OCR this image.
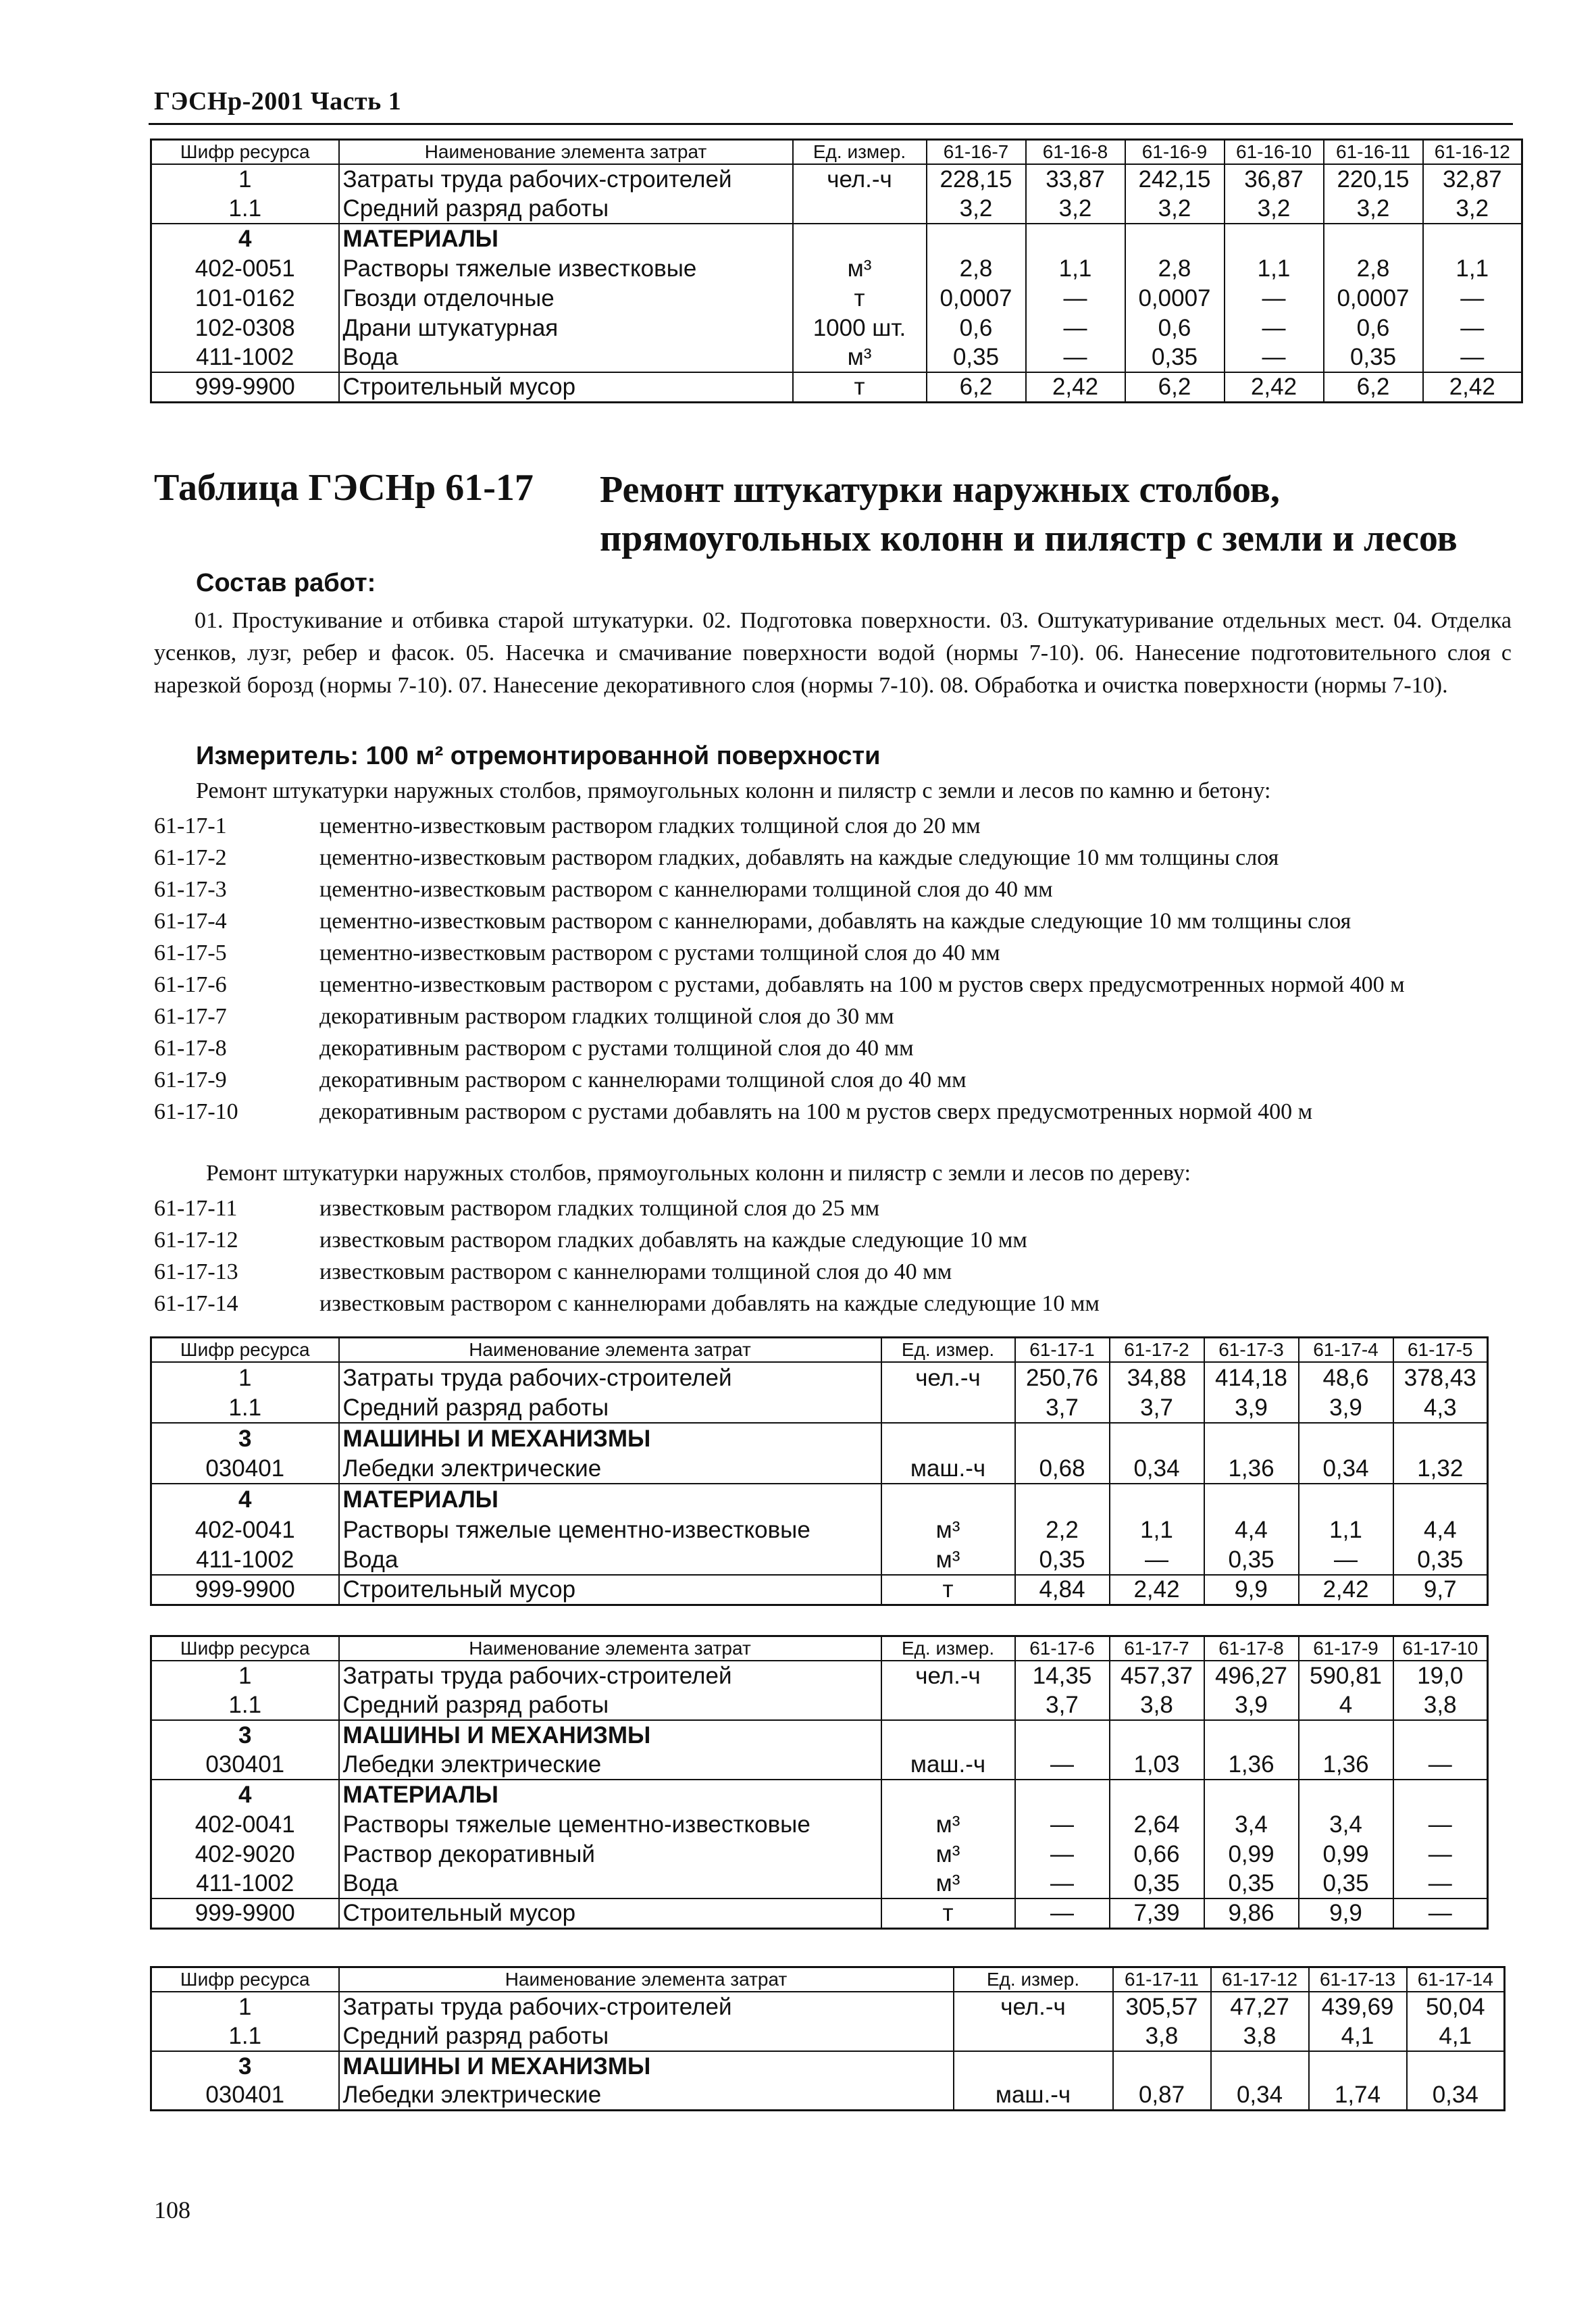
ГЭСНр-2001 Часть 1
Шифр ресурса	Наименование элемента затрат	Ед. измер.	61-16-7	61-16-8	61-16-9	61-16-10	61-16-11	61-16-12
1	Затраты труда рабочих-строителей	чел.-ч	228,15	33,87	242,15	36,87	220,15	32,87
1.1	Средний разряд работы		3,2	3,2	3,2	3,2	3,2	3,2
4	МАТЕРИАЛЫ							
402-0051	Растворы тяжелые известковые	м³	2,8	1,1	2,8	1,1	2,8	1,1
101-0162	Гвозди отделочные	т	0,0007	—	0,0007	—	0,0007	—
102-0308	Драни штукатурная	1000 шт.	0,6	—	0,6	—	0,6	—
411-1002	Вода	м³	0,35	—	0,35	—	0,35	—
999-9900	Строительный мусор	т	6,2	2,42	6,2	2,42	6,2	2,42
Таблица ГЭСНр 61-17 Ремонт штукатурки наружных столбов, прямоугольных колонн и пилястр с земли и лесов
Состав работ:
01. Простукивание и отбивка старой штукатурки. 02. Подготовка поверхности. 03. Оштукатуривание отдельных мест. 04. Отделка усенков, лузг, ребер и фасок. 05. Насечка и смачивание поверхности водой (нормы 7-10). 06. Нанесение подготовительного слоя с нарезкой борозд (нормы 7-10). 07. Нанесение декоративного слоя (нормы 7-10). 08. Обработка и очистка поверхности (нормы 7-10).
Измеритель: 100 м² отремонтированной поверхности
Ремонт штукатурки наружных столбов, прямоугольных колонн и пилястр с земли и лесов по камню и бетону:
61-17-1	цементно-известковым раствором гладких толщиной слоя до 20 мм
61-17-2	цементно-известковым раствором гладких, добавлять на каждые следующие 10 мм толщины слоя
61-17-3	цементно-известковым раствором с каннелюрами толщиной слоя до 40 мм
61-17-4	цементно-известковым раствором с каннелюрами, добавлять на каждые следующие 10 мм толщины слоя
61-17-5	цементно-известковым раствором с рустами толщиной слоя до 40 мм
61-17-6	цементно-известковым раствором с рустами, добавлять на 100 м рустов сверх предусмотренных нормой 400 м
61-17-7	декоративным раствором гладких толщиной слоя до 30 мм
61-17-8	декоративным раствором с рустами толщиной слоя до 40 мм
61-17-9	декоративным раствором с каннелюрами толщиной слоя до 40 мм
61-17-10	декоративным раствором с рустами добавлять на 100 м рустов сверх предусмотренных нормой 400 м
Ремонт штукатурки наружных столбов, прямоугольных колонн и пилястр с земли и лесов по дереву:
61-17-11	известковым раствором гладких толщиной слоя до 25 мм
61-17-12	известковым раствором гладких добавлять на каждые следующие 10 мм
61-17-13	известковым раствором с каннелюрами толщиной слоя до 40 мм
61-17-14	известковым раствором с каннелюрами добавлять на каждые следующие 10 мм
Шифр ресурса	Наименование элемента затрат	Ед. измер.	61-17-1	61-17-2	61-17-3	61-17-4	61-17-5
1	Затраты труда рабочих-строителей	чел.-ч	250,76	34,88	414,18	48,6	378,43
1.1	Средний разряд работы		3,7	3,7	3,9	3,9	4,3
3	МАШИНЫ И МЕХАНИЗМЫ						
030401	Лебедки электрические	маш.-ч	0,68	0,34	1,36	0,34	1,32
4	МАТЕРИАЛЫ						
402-0041	Растворы тяжелые цементно-известковые	м³	2,2	1,1	4,4	1,1	4,4
411-1002	Вода	м³	0,35	—	0,35	—	0,35
999-9900	Строительный мусор	т	4,84	2,42	9,9	2,42	9,7
Шифр ресурса	Наименование элемента затрат	Ед. измер.	61-17-6	61-17-7	61-17-8	61-17-9	61-17-10
1	Затраты труда рабочих-строителей	чел.-ч	14,35	457,37	496,27	590,81	19,0
1.1	Средний разряд работы		3,7	3,8	3,9	4	3,8
3	МАШИНЫ И МЕХАНИЗМЫ						
030401	Лебедки электрические	маш.-ч	—	1,03	1,36	1,36	—
4	МАТЕРИАЛЫ						
402-0041	Растворы тяжелые цементно-известковые	м³	—	2,64	3,4	3,4	—
402-9020	Раствор декоративный	м³	—	0,66	0,99	0,99	—
411-1002	Вода	м³	—	0,35	0,35	0,35	—
999-9900	Строительный мусор	т	—	7,39	9,86	9,9	—
Шифр ресурса	Наименование элемента затрат	Ед. измер.	61-17-11	61-17-12	61-17-13	61-17-14
1	Затраты труда рабочих-строителей	чел.-ч	305,57	47,27	439,69	50,04
1.1	Средний разряд работы		3,8	3,8	4,1	4,1
3	МАШИНЫ И МЕХАНИЗМЫ					
030401	Лебедки электрические	маш.-ч	0,87	0,34	1,74	0,34
108
